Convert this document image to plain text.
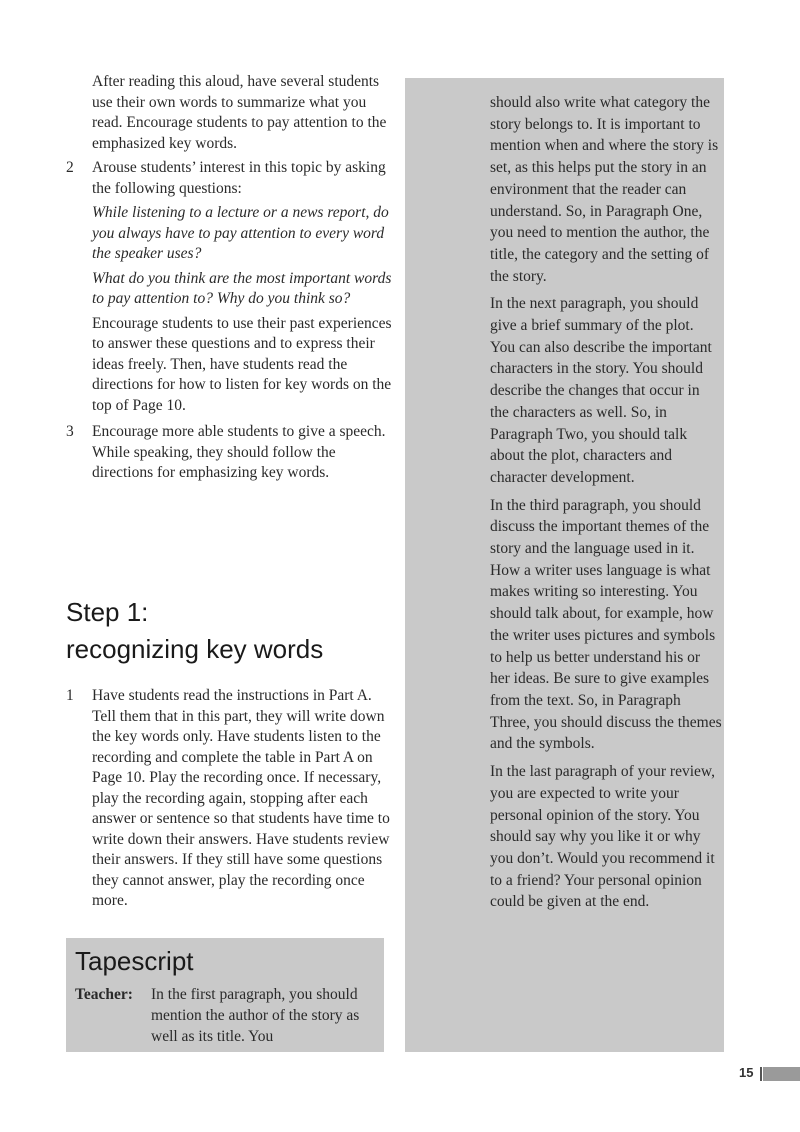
After reading this aloud, have several students use their own words to summarize what you read. Encourage students to pay attention to the emphasized key words.

2 Arouse students’ interest in this topic by asking the following questions:

While listening to a lecture or a news report, do you always have to pay attention to every word the speaker uses?

What do you think are the most important words to pay attention to? Why do you think so?

Encourage students to use their past experiences to answer these questions and to express their ideas freely. Then, have students read the directions for how to listen for key words on the top of Page 10.

3 Encourage more able students to give a speech. While speaking, they should follow the directions for emphasizing key words.

Step 1:
recognizing key words
1 Have students read the instructions in Part A. Tell them that in this part, they will write down the key words only. Have students listen to the recording and complete the table in Part A on Page 10. Play the recording once. If necessary, play the recording again, stopping after each answer or sentence so that students have time to write down their answers. Have students review their answers. If they still have some questions they cannot answer, play the recording once more.

Tapescript
Teacher: In the first paragraph, you should mention the author of the story as well as its title. You

should also write what category the story belongs to. It is important to mention when and where the story is set, as this helps put the story in an environment that the reader can understand. So, in Paragraph One, you need to mention the author, the title, the category and the setting of the story.

In the next paragraph, you should give a brief summary of the plot. You can also describe the important characters in the story. You should describe the changes that occur in the characters as well. So, in Paragraph Two, you should talk about the plot, characters and character development.

In the third paragraph, you should discuss the important themes of the story and the language used in it. How a writer uses language is what makes writing so interesting. You should talk about, for example, how the writer uses pictures and symbols to help us better understand his or her ideas. Be sure to give examples from the text. So, in Paragraph Three, you should discuss the themes and the symbols.

In the last paragraph of your review, you are expected to write your personal opinion of the story. You should say why you like it or why you don’t. Would you recommend it to a friend? Your personal opinion could be given at the end.

15
